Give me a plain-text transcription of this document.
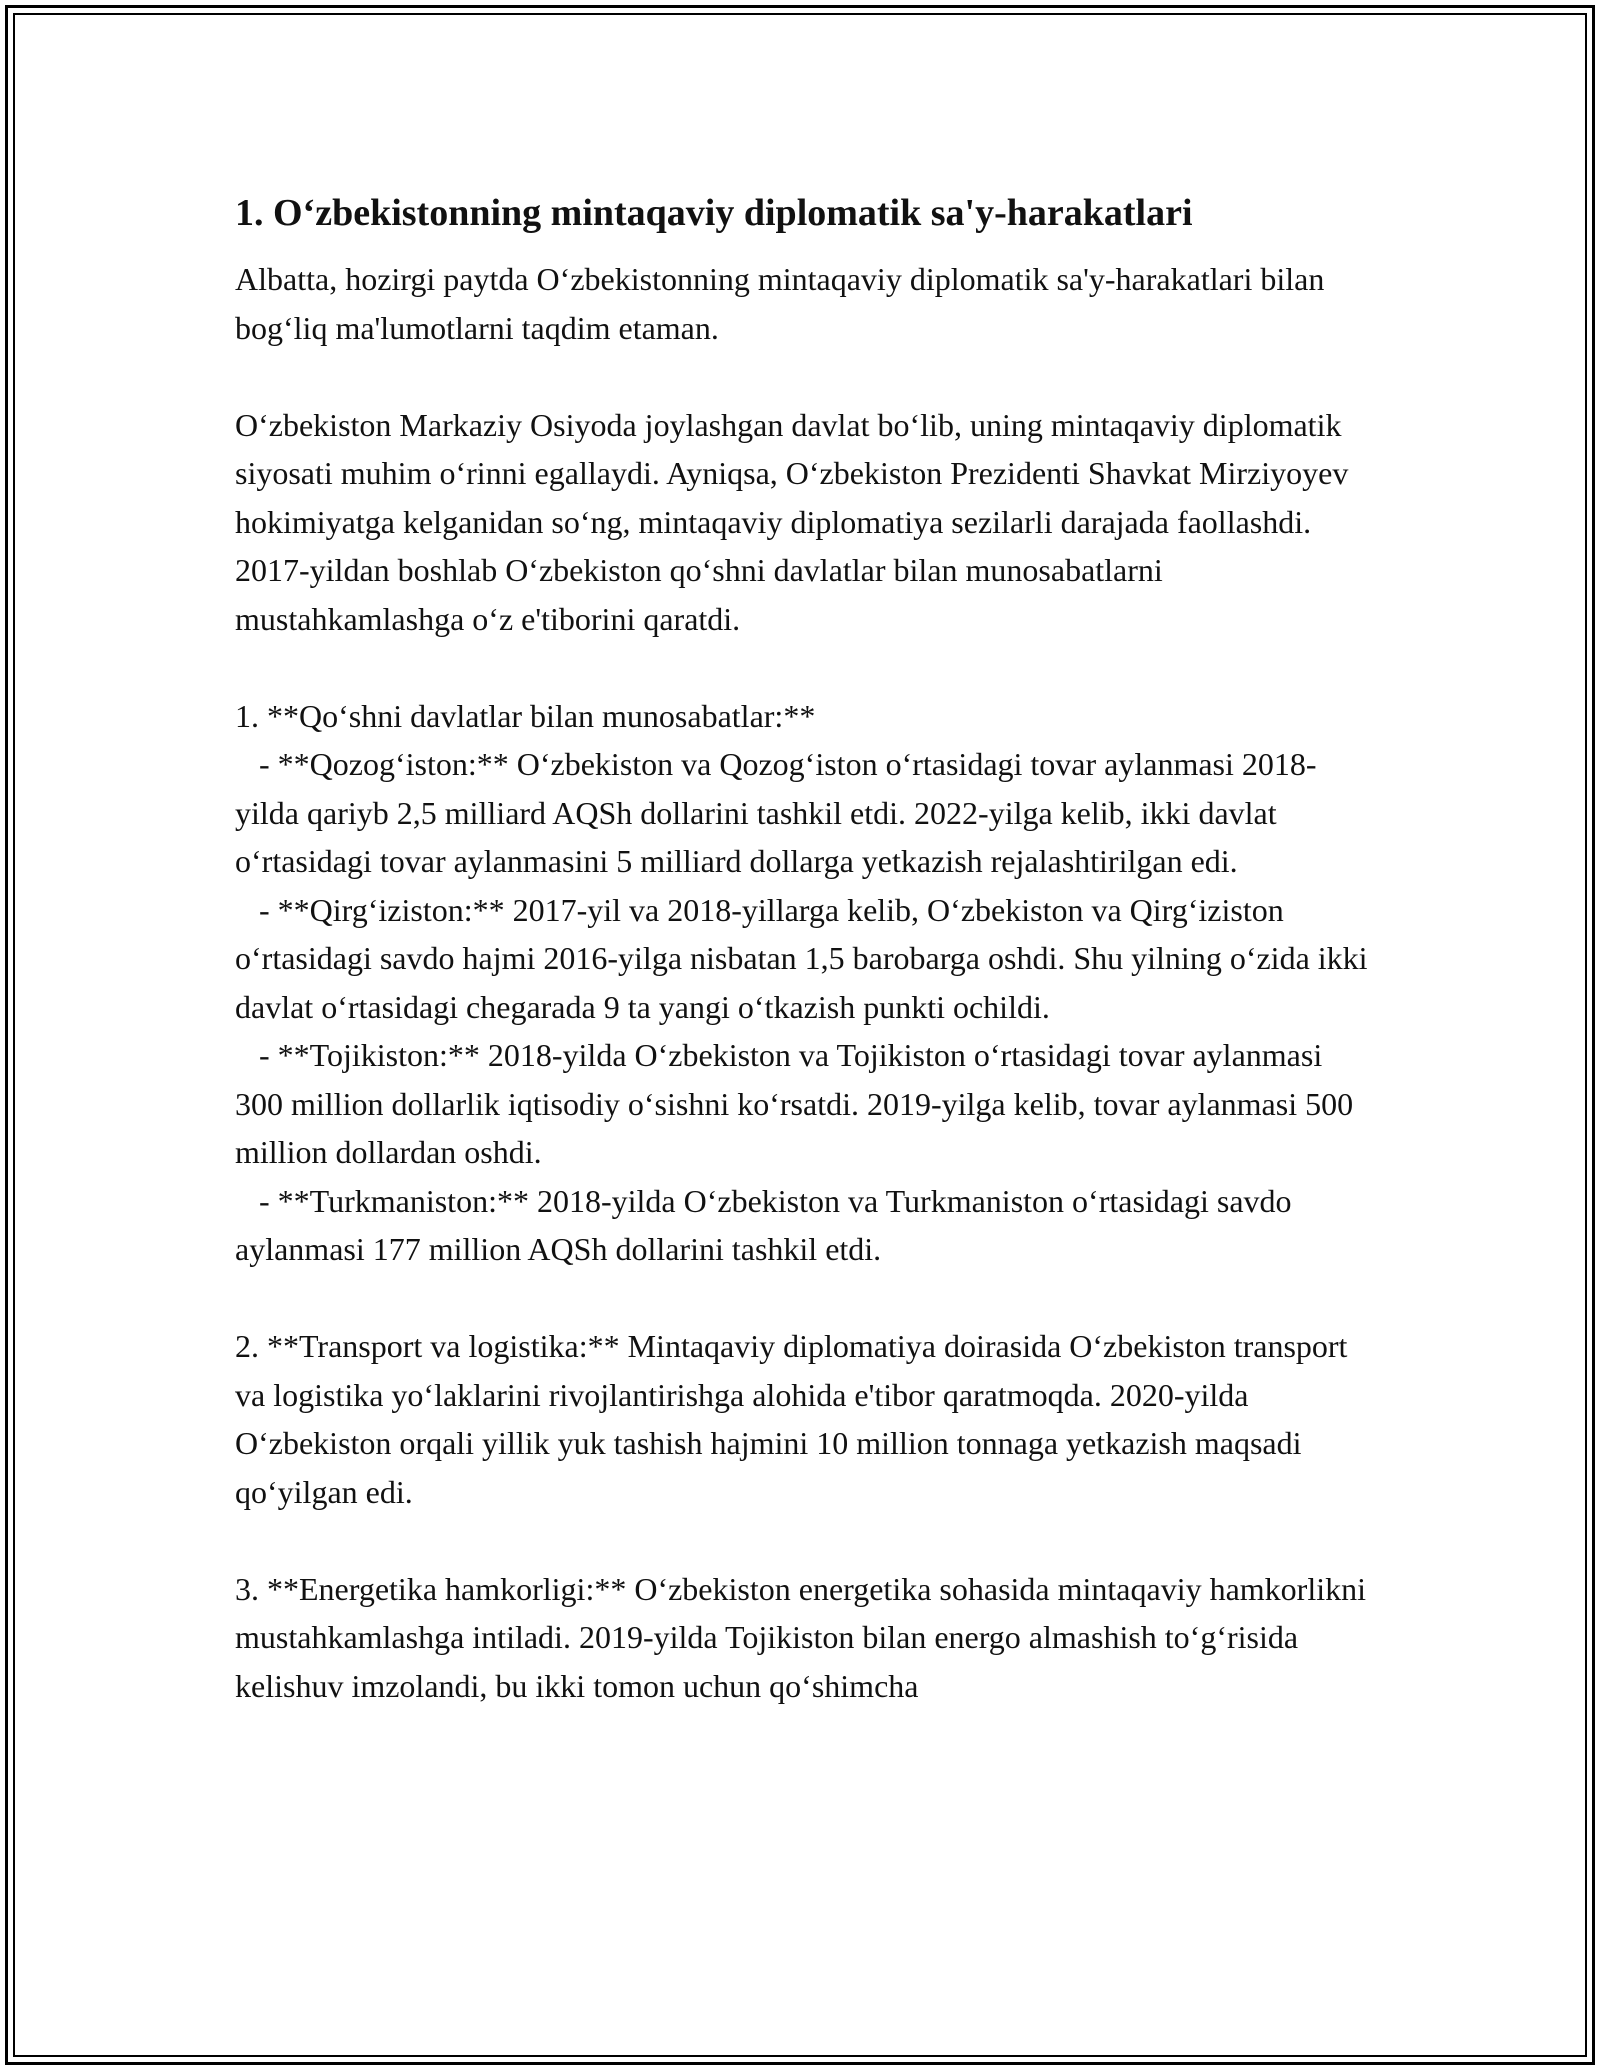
1. O‘zbekistonning mintaqaviy diplomatik sa'y-harakatlari

Albatta, hozirgi paytda O‘zbekistonning mintaqaviy diplomatik sa'y-harakatlari bilan bog‘liq ma'lumotlarni taqdim etaman.

O‘zbekiston Markaziy Osiyoda joylashgan davlat bo‘lib, uning mintaqaviy diplomatik siyosati muhim o‘rinni egallaydi. Ayniqsa, O‘zbekiston Prezidenti Shavkat Mirziyoyev hokimiyatga kelganidan so‘ng, mintaqaviy diplomatiya sezilarli darajada faollashdi. 2017-yildan boshlab O‘zbekiston qo‘shni davlatlar bilan munosabatlarni mustahkamlashga o‘z e'tiborini qaratdi.

1. **Qo‘shni davlatlar bilan munosabatlar:**

- **Qozog‘iston:** O‘zbekiston va Qozog‘iston o‘rtasidagi tovar aylanmasi 2018-yilda qariyb 2,5 milliard AQSh dollarini tashkil etdi. 2022-yilga kelib, ikki davlat o‘rtasidagi tovar aylanmasini 5 milliard dollarga yetkazish rejalashtirilgan edi.

- **Qirg‘iziston:** 2017-yil va 2018-yillarga kelib, O‘zbekiston va Qirg‘iziston o‘rtasidagi savdo hajmi 2016-yilga nisbatan 1,5 barobarga oshdi. Shu yilning o‘zida ikki davlat o‘rtasidagi chegarada 9 ta yangi o‘tkazish punkti ochildi.

- **Tojikiston:** 2018-yilda O‘zbekiston va Tojikiston o‘rtasidagi tovar aylanmasi 300 million dollarlik iqtisodiy o‘sishni ko‘rsatdi. 2019-yilga kelib, tovar aylanmasi 500 million dollardan oshdi.

- **Turkmaniston:** 2018-yilda O‘zbekiston va Turkmaniston o‘rtasidagi savdo aylanmasi 177 million AQSh dollarini tashkil etdi.

2. **Transport va logistika:** Mintaqaviy diplomatiya doirasida O‘zbekiston transport va logistika yo‘laklarini rivojlantirishga alohida e'tibor qaratmoqda. 2020-yilda O‘zbekiston orqali yillik yuk tashish hajmini 10 million tonnaga yetkazish maqsadi qo‘yilgan edi.

3. **Energetika hamkorligi:** O‘zbekiston energetika sohasida mintaqaviy hamkorlikni mustahkamlashga intiladi. 2019-yilda Tojikiston bilan energo almashish to‘g‘risida kelishuv imzolandi, bu ikki tomon uchun qo‘shimcha
